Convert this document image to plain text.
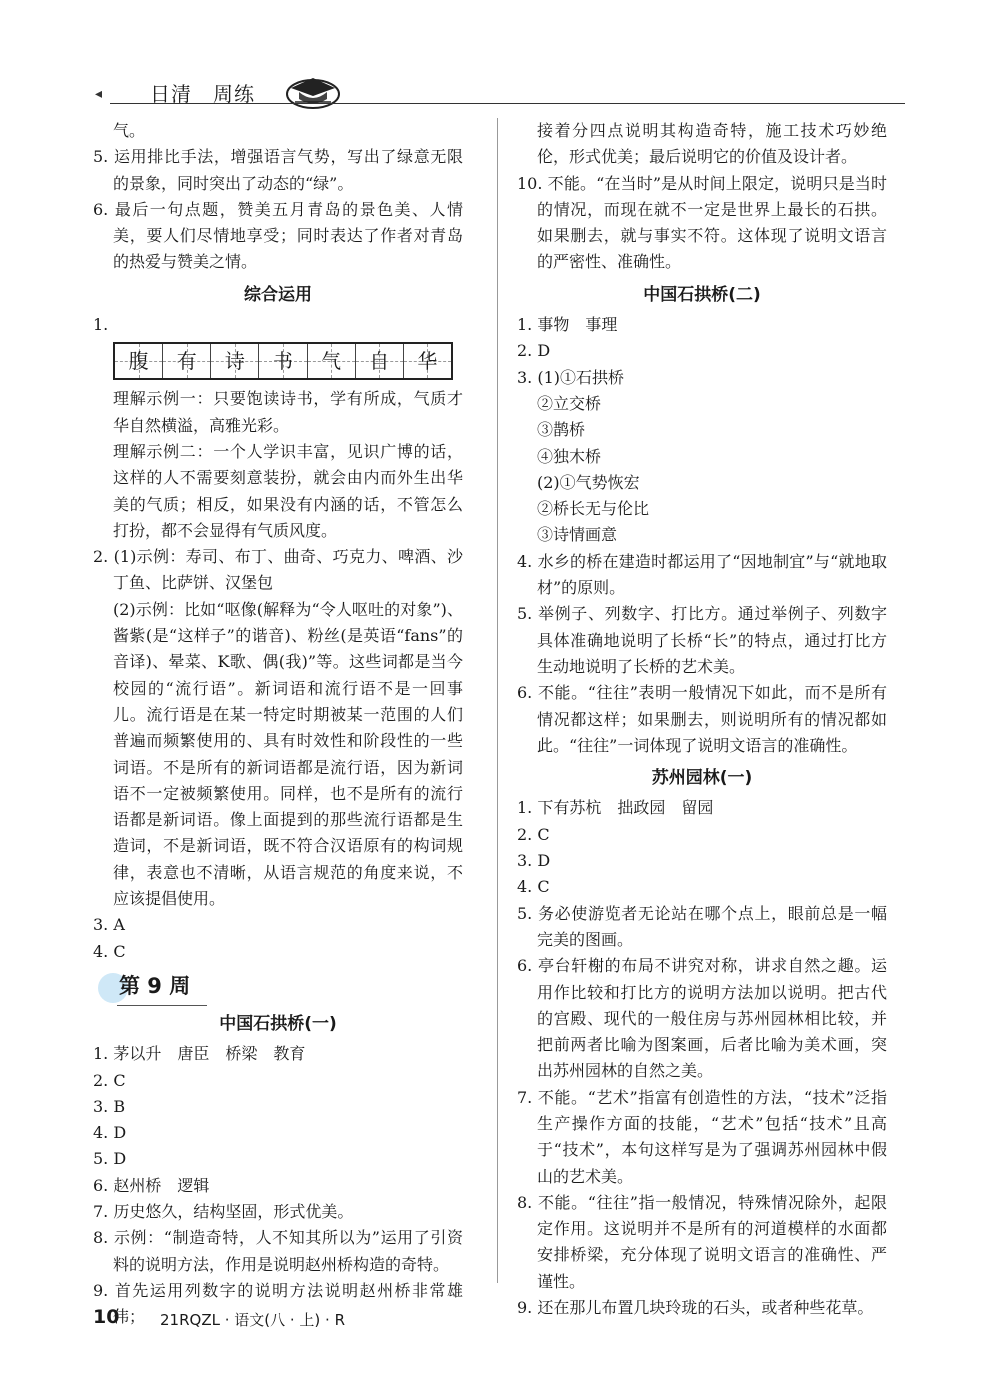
◂ 日清　周练
气。
5. 运用排比手法，增强语言气势，写出了绿意无限的景象，同时突出了动态的“绿”。
6. 最后一句点题，赞美五月青岛的景色美、人情美，要人们尽情地享受；同时表达了作者对青岛的热爱与赞美之情。
综合运用
1.
腹 有 诗 书 气 自 华
理解示例一：只要饱读诗书，学有所成，气质才华自然横溢，高雅光彩。
理解示例二：一个人学识丰富，见识广博的话，这样的人不需要刻意装扮，就会由内而外生出华美的气质；相反，如果没有内涵的话，不管怎么打扮，都不会显得有气质风度。
2. (1)示例：寿司、布丁、曲奇、巧克力、啤酒、沙丁鱼、比萨饼、汉堡包
(2)示例：比如“呕像(解释为“令人呕吐的对象”)、酱紫(是“这样子”的谐音)、粉丝(是英语“fans”的音译)、晕菜、K歌、偶(我)”等。这些词都是当今校园的“流行语”。新词语和流行语不是一回事儿。流行语是在某一特定时期被某一范围的人们普遍而频繁使用的、具有时效性和阶段性的一些词语。不是所有的新词语都是流行语，因为新词语不一定被频繁使用。同样，也不是所有的流行语都是新词语。像上面提到的那些流行语都是生造词，不是新词语，既不符合汉语原有的构词规律，表意也不清晰，从语言规范的角度来说，不应该提倡使用。
3. A
4. C
第 9 周
中国石拱桥(一)
1. 茅以升　唐臣　桥梁　教育
2. C
3. B
4. D
5. D
6. 赵州桥　逻辑
7. 历史悠久，结构坚固，形式优美。
8. 示例：“制造奇特，人不知其所以为”运用了引资料的说明方法，作用是说明赵州桥构造的奇特。
9. 首先运用列数字的说明方法说明赵州桥非常雄伟；
接着分四点说明其构造奇特，施工技术巧妙绝伦，形式优美；最后说明它的价值及设计者。
10. 不能。“在当时”是从时间上限定，说明只是当时的情况，而现在就不一定是世界上最长的石拱。如果删去，就与事实不符。这体现了说明文语言的严密性、准确性。
中国石拱桥(二)
1. 事物　事理
2. D
3. (1)①石拱桥
②立交桥
③鹊桥
④独木桥
(2)①气势恢宏
②桥长无与伦比
③诗情画意
4. 水乡的桥在建造时都运用了“因地制宜”与“就地取材”的原则。
5. 举例子、列数字、打比方。通过举例子、列数字具体准确地说明了长桥“长”的特点，通过打比方生动地说明了长桥的艺术美。
6. 不能。“往往”表明一般情况下如此，而不是所有情况都这样；如果删去，则说明所有的情况都如此。“往往”一词体现了说明文语言的准确性。
苏州园林(一)
1. 下有苏杭　拙政园　留园
2. C
3. D
4. C
5. 务必使游览者无论站在哪个点上，眼前总是一幅完美的图画。
6. 亭台轩榭的布局不讲究对称，讲求自然之趣。运用作比较和打比方的说明方法加以说明。把古代的宫殿、现代的一般住房与苏州园林相比较，并把前两者比喻为图案画，后者比喻为美术画，突出苏州园林的自然之美。
7. 不能。“艺术”指富有创造性的方法，“技术”泛指生产操作方面的技能，“艺术”包括“技术”且高于“技术”，本句这样写是为了强调苏州园林中假山的艺术美。
8. 不能。“往往”指一般情况，特殊情况除外，起限定作用。这说明并不是所有的河道模样的水面都安排桥梁，充分体现了说明文语言的准确性、严谨性。
9. 还在那儿布置几块玲珑的石头，或者种些花草。
10	21RQZL · 语文(八 · 上) · R
